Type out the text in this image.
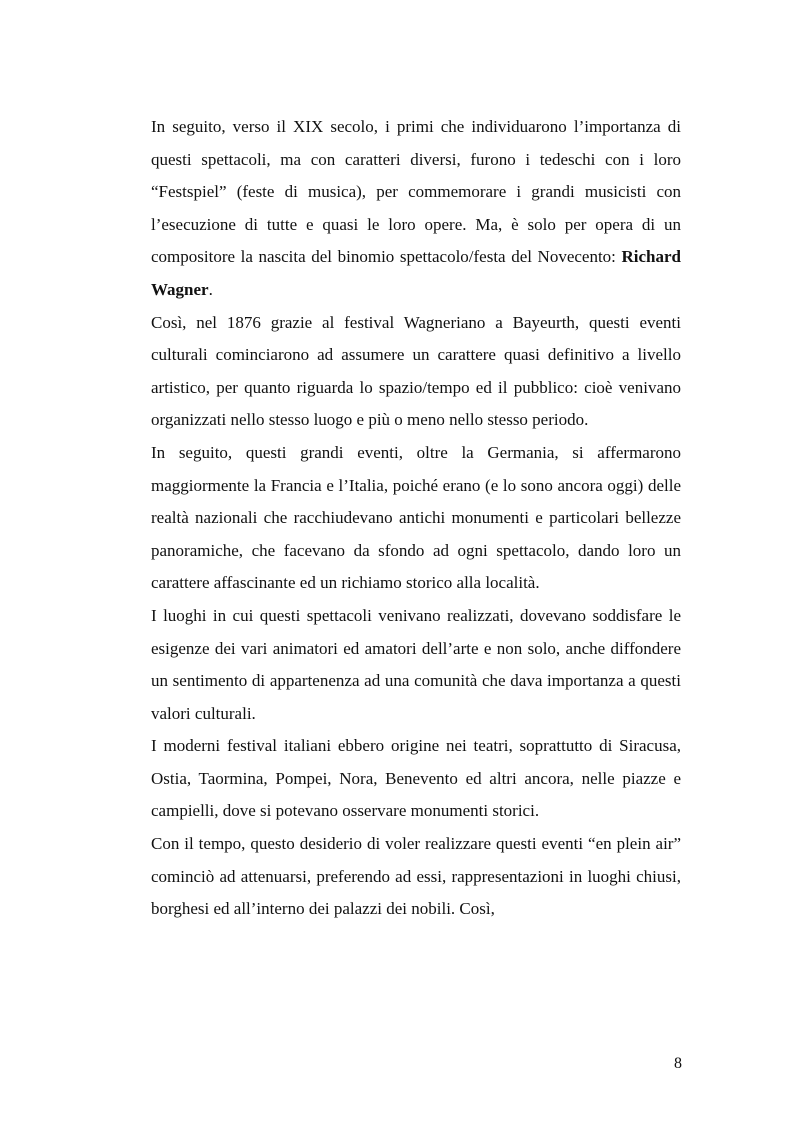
In seguito, verso il XIX secolo, i primi che individuarono l’importanza di questi spettacoli, ma con caratteri diversi, furono i tedeschi con i loro “Festspiel” (feste di musica), per commemorare i grandi musicisti con l’esecuzione di tutte e quasi le loro opere. Ma, è solo per opera di un compositore la nascita del binomio spettacolo/festa del Novecento: Richard Wagner.

Così, nel 1876 grazie al festival Wagneriano a Bayeurth, questi eventi culturali cominciarono ad assumere un carattere quasi definitivo a livello artistico, per quanto riguarda lo spazio/tempo ed il pubblico: cioè venivano organizzati nello stesso luogo e più o meno nello stesso periodo.

In seguito, questi grandi eventi, oltre la Germania, si affermarono maggiormente la Francia e l’Italia, poiché erano (e lo sono ancora oggi) delle realtà nazionali che racchiudevano antichi monumenti e particolari bellezze panoramiche, che facevano da sfondo ad ogni spettacolo, dando loro un carattere affascinante ed un richiamo storico alla località.

I luoghi in cui questi spettacoli venivano realizzati, dovevano soddisfare le esigenze dei vari animatori ed amatori dell’arte e non solo, anche diffondere un sentimento di appartenenza ad una comunità che dava importanza a questi valori culturali.

I moderni festival italiani ebbero origine nei teatri, soprattutto di Siracusa, Ostia, Taormina, Pompei, Nora, Benevento ed altri ancora, nelle piazze e campielli, dove si potevano osservare monumenti storici.

Con il tempo, questo desiderio di voler realizzare questi eventi “en plein air” cominciò ad attenuarsi, preferendo ad essi, rappresentazioni in luoghi chiusi, borghesi ed all’interno dei palazzi dei nobili. Così,

8
